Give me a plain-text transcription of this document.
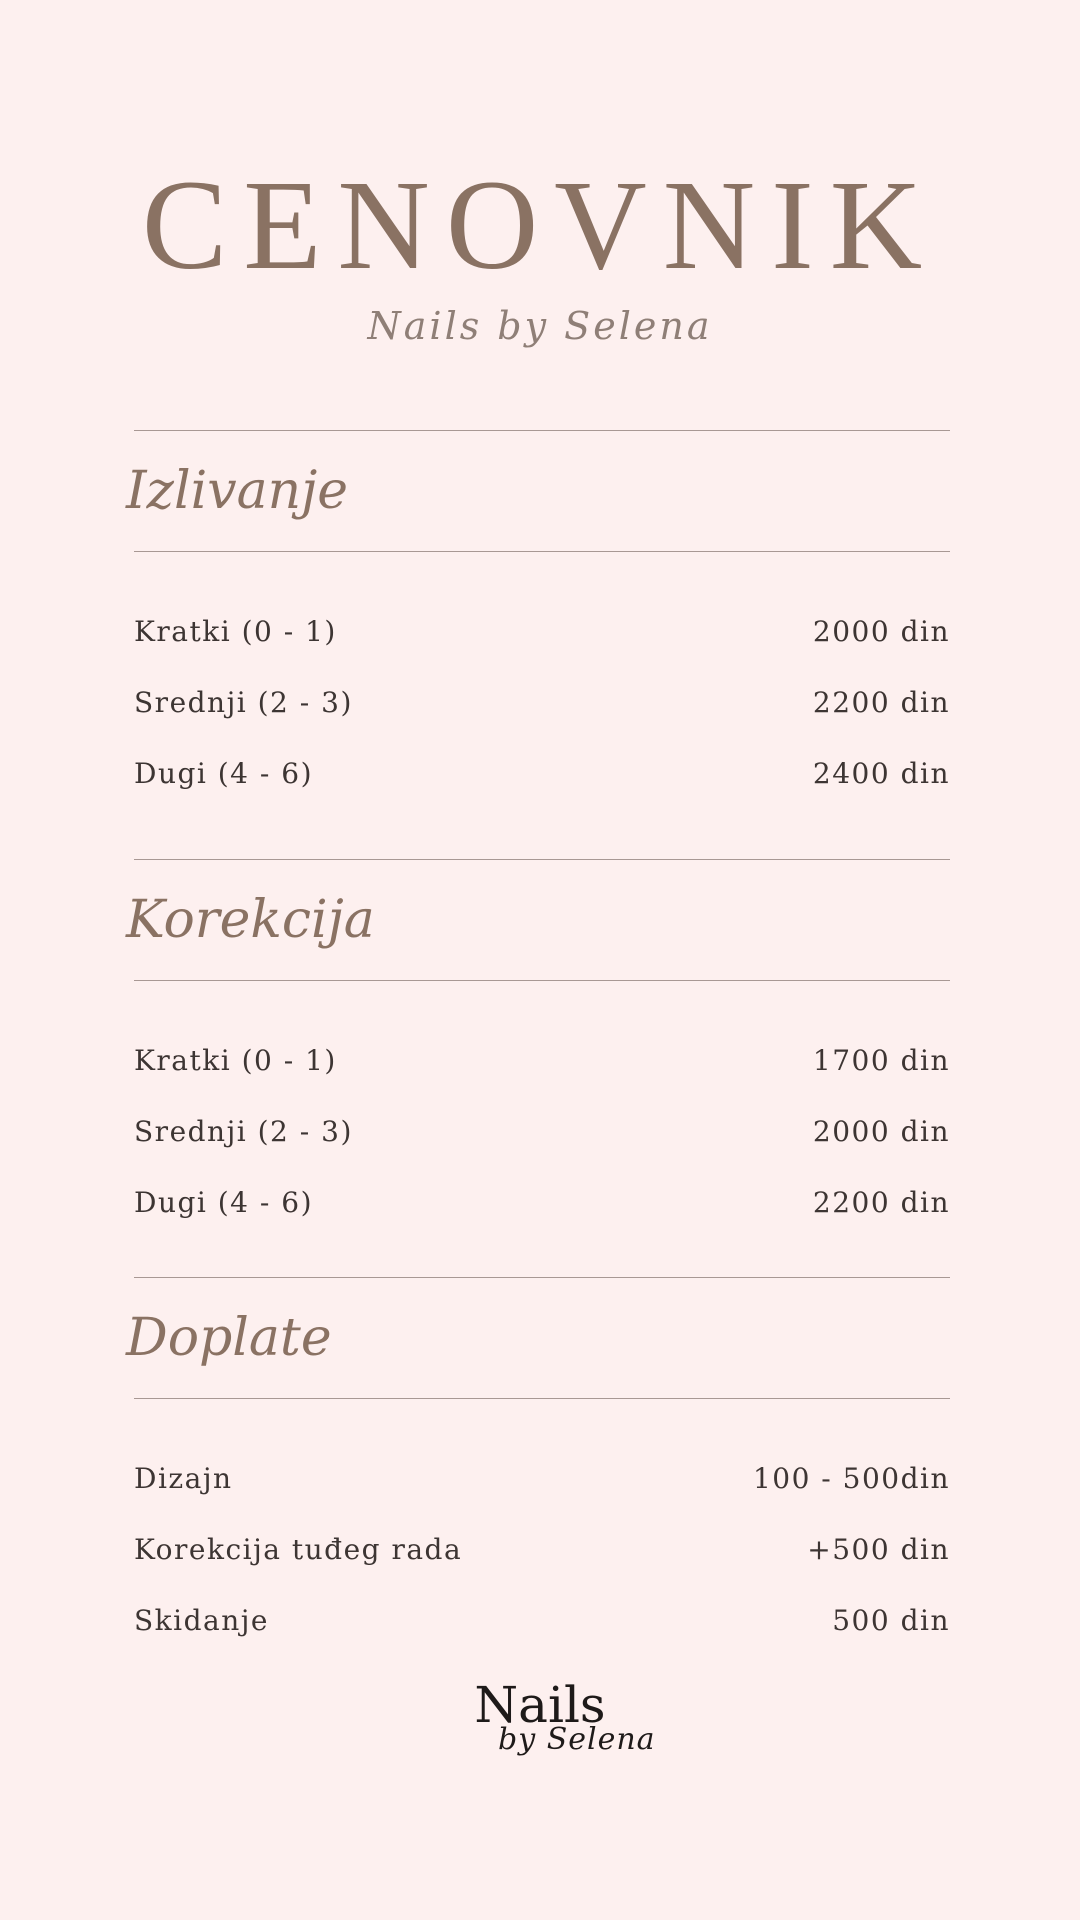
CENOVNIK
Nails by Selena
Izlivanje
Kratki (0 - 1)	2000 din
Srednji (2 - 3)	2200 din
Dugi (4 - 6)	2400 din
Korekcija
Kratki (0 - 1)	1700 din
Srednji (2 - 3)	2000 din
Dugi (4 - 6)	2200 din
Doplate
Dizajn	100 - 500din
Korekcija tuđeg rada	+500 din
Skidanje	500 din
Nails
by Selena
